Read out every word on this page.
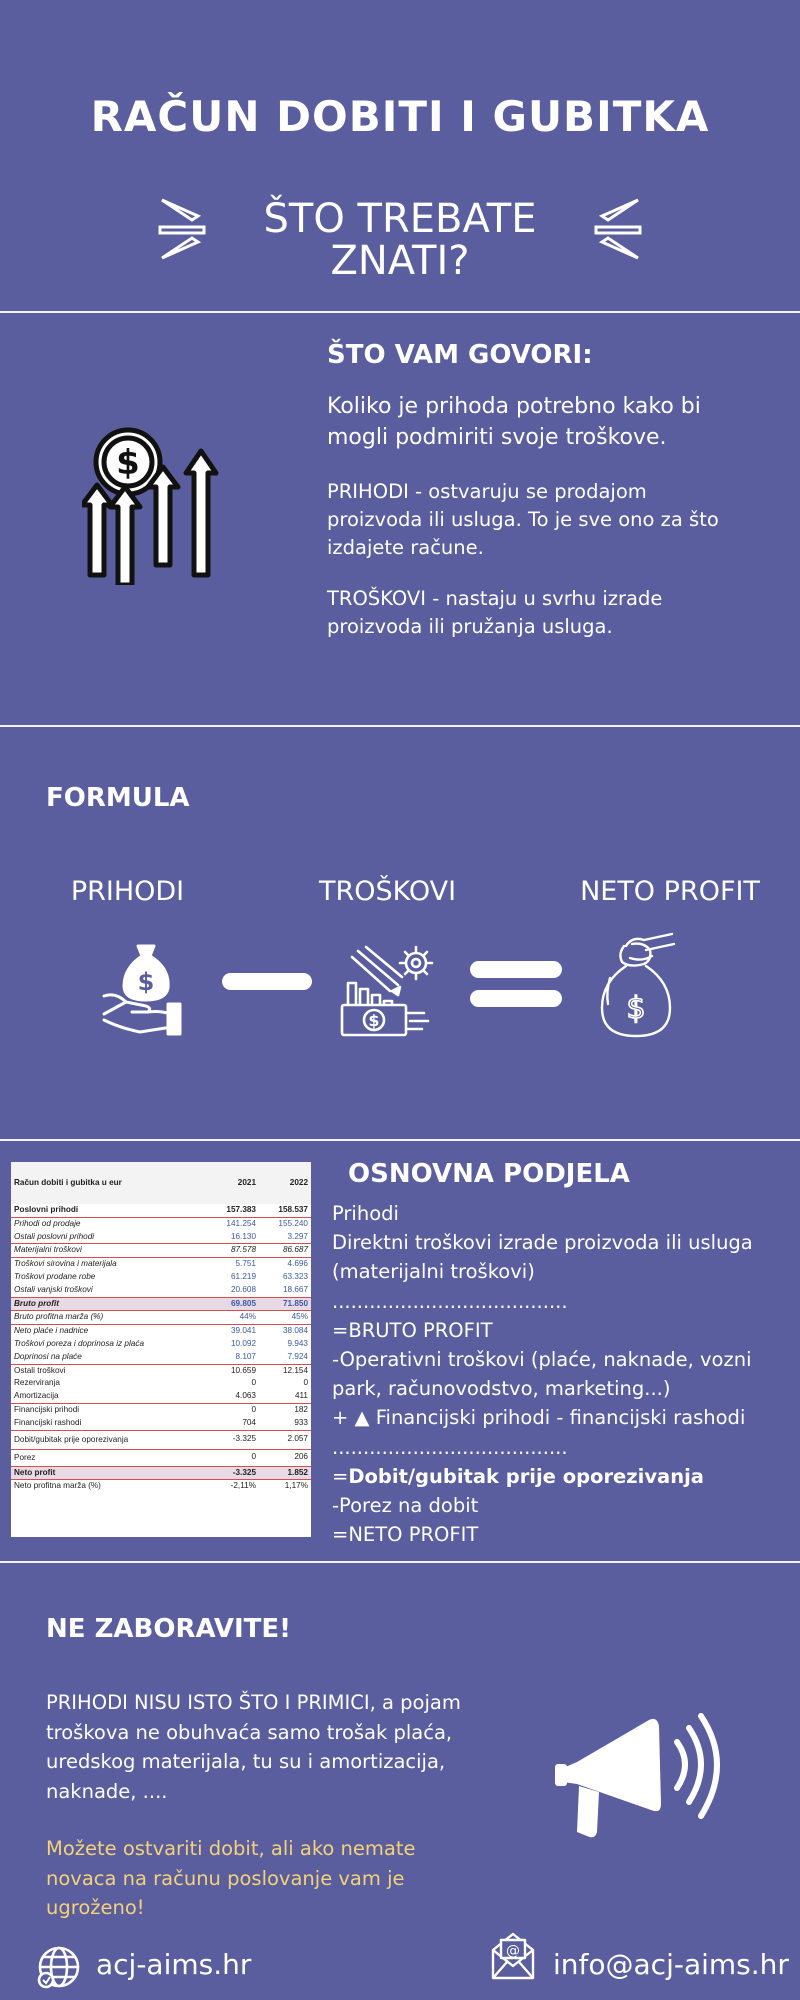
RAČUN DOBITI I GUBITKA
ŠTO TREBATE
ZNATI?
$
ŠTO VAM GOVORI:
Koliko je prihoda potrebno kako bi
mogli podmiriti svoje troškove.
PRIHODI - ostvaruju se prodajom
proizvoda ili usluga. To je sve ono za što
izdajete račune.
TROŠKOVI - nastaju u svrhu izrade
proizvoda ili pružanja usluga.
FORMULA
PRIHODI	TROŠKOVI	NETO PROFIT
$
$	$
Račun dobiti i gubitka u eur	2021	2022
Poslovni prihodi	157.383	158.537
Prihodi od prodaje	141.254	155.240
Ostali poslovni prihodi	16.130	3.297
Materijalni troškovi	87.578	86.687
Troškovi sirovina i materijala	5.751	4.696
Troškovi prodane robe	61.219	63.323
Ostali vanjski troškovi	20.608	18.667
Bruto profit	69.805	71.850
Bruto profitna marža (%)	44%	45%
Neto plaće i nadnice	39.041	38.084
Troškovi poreza i doprinosa iz plaća	10.092	9.943
Doprinosi na plaće	8.107	7.924
Ostali troškovi	10.659	12.154
Rezerviranja	0	0
Amortizacija	4.063	411
Financijski prihodi	0	182
Financijski rashodi	704	933
Dobit/gubitak prije oporezivanja	-3.325	2.057
Porez	0	206
Neto profit	-3.325	1.852
Neto profitna marža (%)	-2,11%	1,17%
OSNOVNA PODJELA
Prihodi
Direktni troškovi izrade proizvoda ili usluga
(materijalni troškovi)
......................................
=BRUTO PROFIT
-Operativni troškovi (plaće, naknade, vozni
park, računovodstvo, marketing...)
+ ▲ Financijski prihodi - financijski rashodi
......................................
=Dobit/gubitak prije oporezivanja
-Porez na dobit
=NETO PROFIT
NE ZABORAVITE!
PRIHODI NISU ISTO ŠTO I PRIMICI, a pojam
troškova ne obuhvaća samo trošak plaća,
uredskog materijala, tu su i amortizacija,
naknade, ....
Možete ostvariti dobit, ali ako nemate
novaca na računu poslovanje vam je
ugroženo!
acj-aims.hr	@ info@acj-aims.hr
